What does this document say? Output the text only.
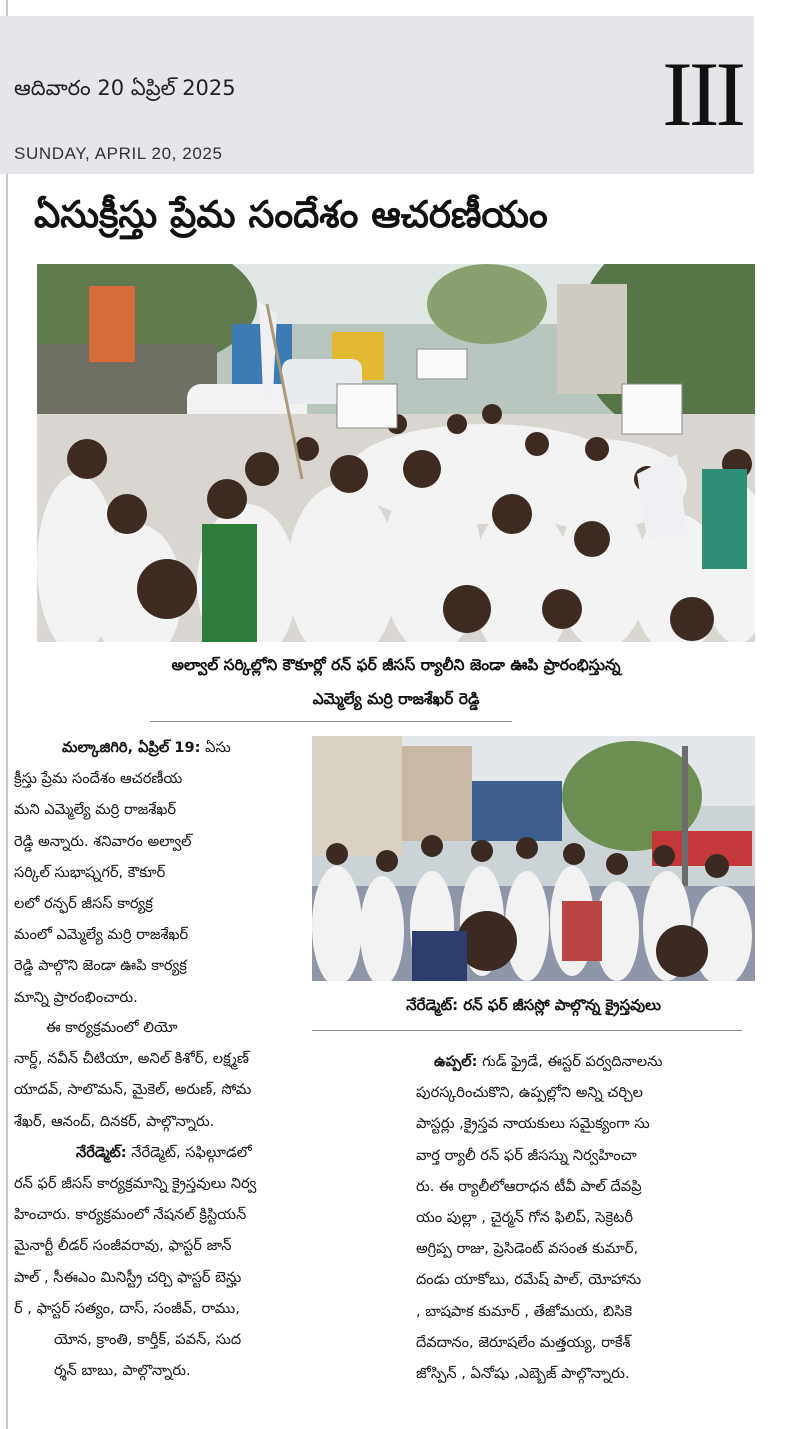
ఆదివారం 20 ఏప్రిల్ 2025
SUNDAY, APRIL 20, 2025
III
ఏసుక్రీస్తు ప్రేమ సందేశం ఆచరణీయం
అల్వాల్ సర్కిల్లోని కౌకూర్లో రన్ ఫర్ జీసస్ ర్యాలీని జెండా ఊపి ప్రారంభిస్తున్న
ఎమ్మెల్యే మర్రి రాజశేఖర్ రెడ్డి

మల్కాజిగిరి, ఏప్రిల్ 19: ఏసు

క్రీస్తు ప్రేమ సందేశం ఆచరణీయ

మని ఎమ్మెల్యే మర్రి రాజశేఖర్

రెడ్డి అన్నారు. శనివారం అల్వాల్

సర్కిల్ సుభాష్నగర్, కౌకూర్

లలో రన్ఫర్ జీసస్ కార్యక్ర

మంలో ఎమ్మెల్యే మర్రి రాజశేఖర్

రెడ్డి పాల్గొని జెండా ఊపి కార్యక్ర

మాన్ని ప్రారంభించారు.	నేరేడ్మెట్: రన్ ఫర్ జీసస్లో పాల్గొన్న క్రైస్తవులు

ఈ కార్యక్రమంలో లియో

నార్డ్, నవీన్ చీటియా, అనిల్ కిశోర్, లక్ష్మణ్

యాదవ్, సాలొమన్, మైకెల్, అరుణ్, సోమ

శేఖర్, ఆనంద్, దినకర్, పాల్గొన్నారు.

నేరేడ్మెట్: నేరేడ్మెట్, సఫిల్గూడలో

రన్ ఫర్ జీసస్ కార్యక్రమాన్ని క్రైస్తవులు నిర్వ

హించారు. కార్యక్రమంలో నేషనల్ క్రిస్టియన్

మైనార్టీ లీడర్ సంజీవరావు, ఫాస్టర్ జాన్

పాల్ , సీఈఎం మినిస్ట్రీ చర్చి ఫాస్టర్ బెన్హు

ర్ , ఫాస్టర్ సత్యం, దాస్, సంజీవ్, రాము,

యోన, క్రాంతి, కార్తీక్, పవన్, సుద

ర్శన్ బాబు, పాల్గొన్నారు.

ఉప్పల్: గుడ్ ఫ్రైడే, ఈస్టర్ పర్వదినాలను

పురస్కరించుకొని, ఉప్పల్లోని అన్ని చర్చిల

పాస్టర్లు ,క్రైస్తవ నాయకులు సమైక్యంగా సు

వార్త ర్యాలీ రన్ ఫర్ జీసస్ను నిర్వహించా

రు. ఈ ర్యాలీలోఆరాధన టీవీ పాల్ దేవప్రి

యం పుల్లా , చైర్మన్ గోన ఫిలిప్, సెక్రెటరీ

అగ్రిప్ప రాజు, ప్రెసిడెంట్ వసంత కుమార్,

దండు యాకోబు, రమేష్ పాల్, యోహాను

, బాషపాక కుమార్ , తేజోమయ, బిసికె

దేవదానం, జెరూషలేం మత్తయ్య, రాకేశ్

జోస్పిన్ , ఏనోషు ,ఎబ్బెజ్ పాల్గొన్నారు.
